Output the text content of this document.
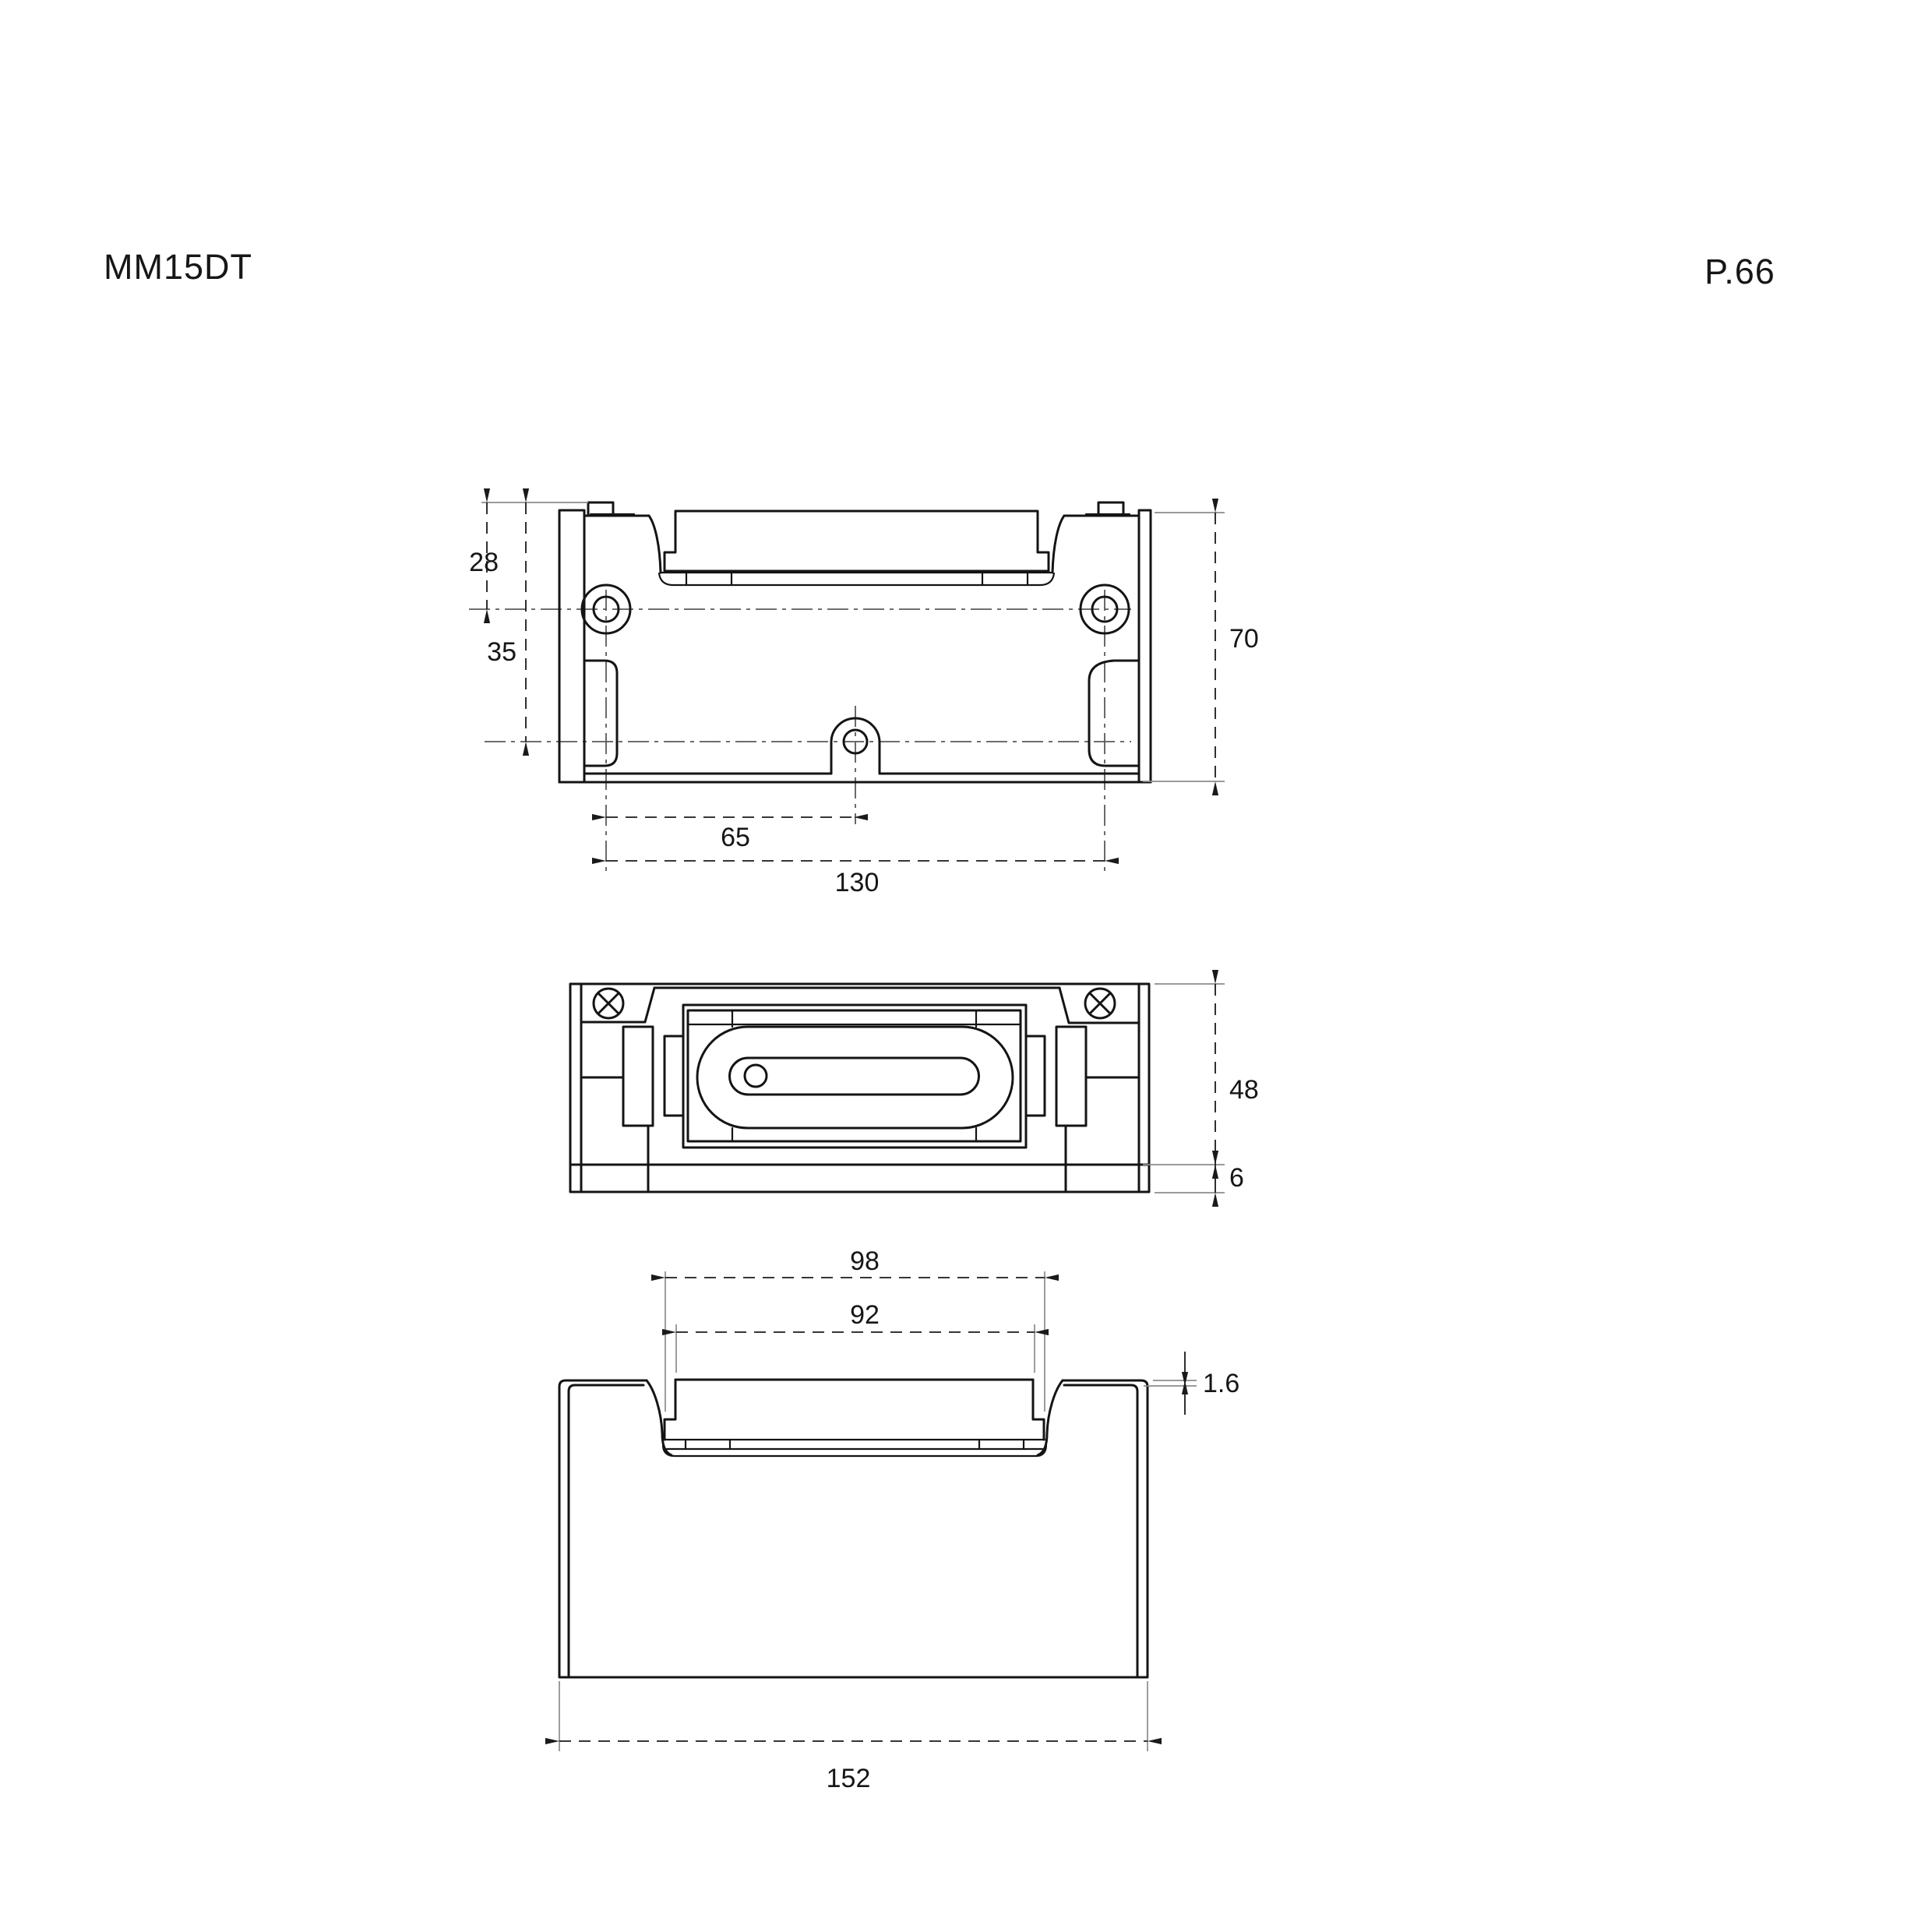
MM15DT	P.66
28
35	70
65
130
48
6
98
92
1.6
152
